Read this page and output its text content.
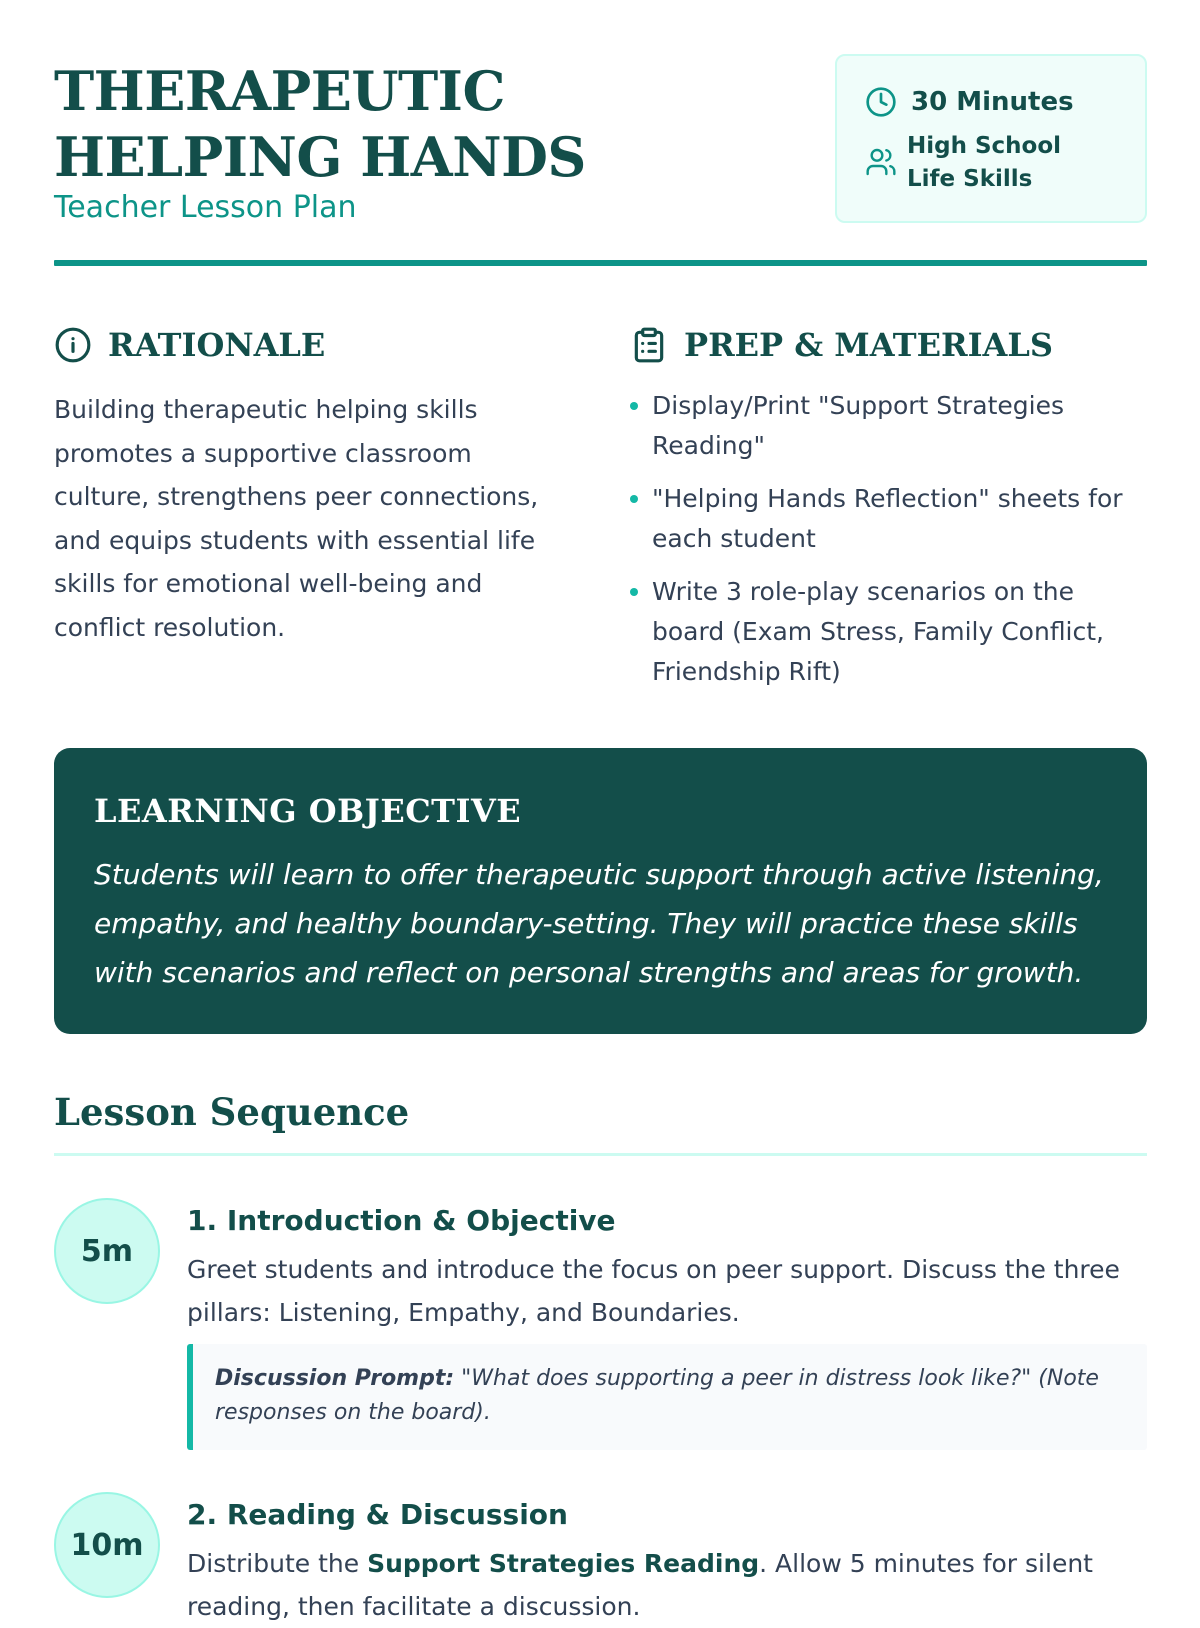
THERAPEUTIC HELPING HANDS
Teacher Lesson Plan
30 Minutes
High School Life Skills
RATIONALE

Building therapeutic helping skills promotes a supportive classroom culture, strengthens peer connections, and equips students with essential life skills for emotional well-being and conflict resolution.

PREP & MATERIALS
Display/Print "Support Strategies Reading"
"Helping Hands Reflection" sheets for each student
Write 3 role-play scenarios on the board (Exam Stress, Family Conflict, Friendship Rift)
LEARNING OBJECTIVE

Students will learn to offer therapeutic support through active listening, empathy, and healthy boundary-setting. They will practice these skills with scenarios and reflect on personal strengths and areas for growth.

Lesson Sequence
5m
1. Introduction & Objective

Greet students and introduce the focus on peer support. Discuss the three pillars: Listening, Empathy, and Boundaries.

Discussion Prompt: "What does supporting a peer in distress look like?" (Note responses on the board).
10m
2. Reading & Discussion

Distribute the Support Strategies Reading. Allow 5 minutes for silent reading, then facilitate a discussion.
